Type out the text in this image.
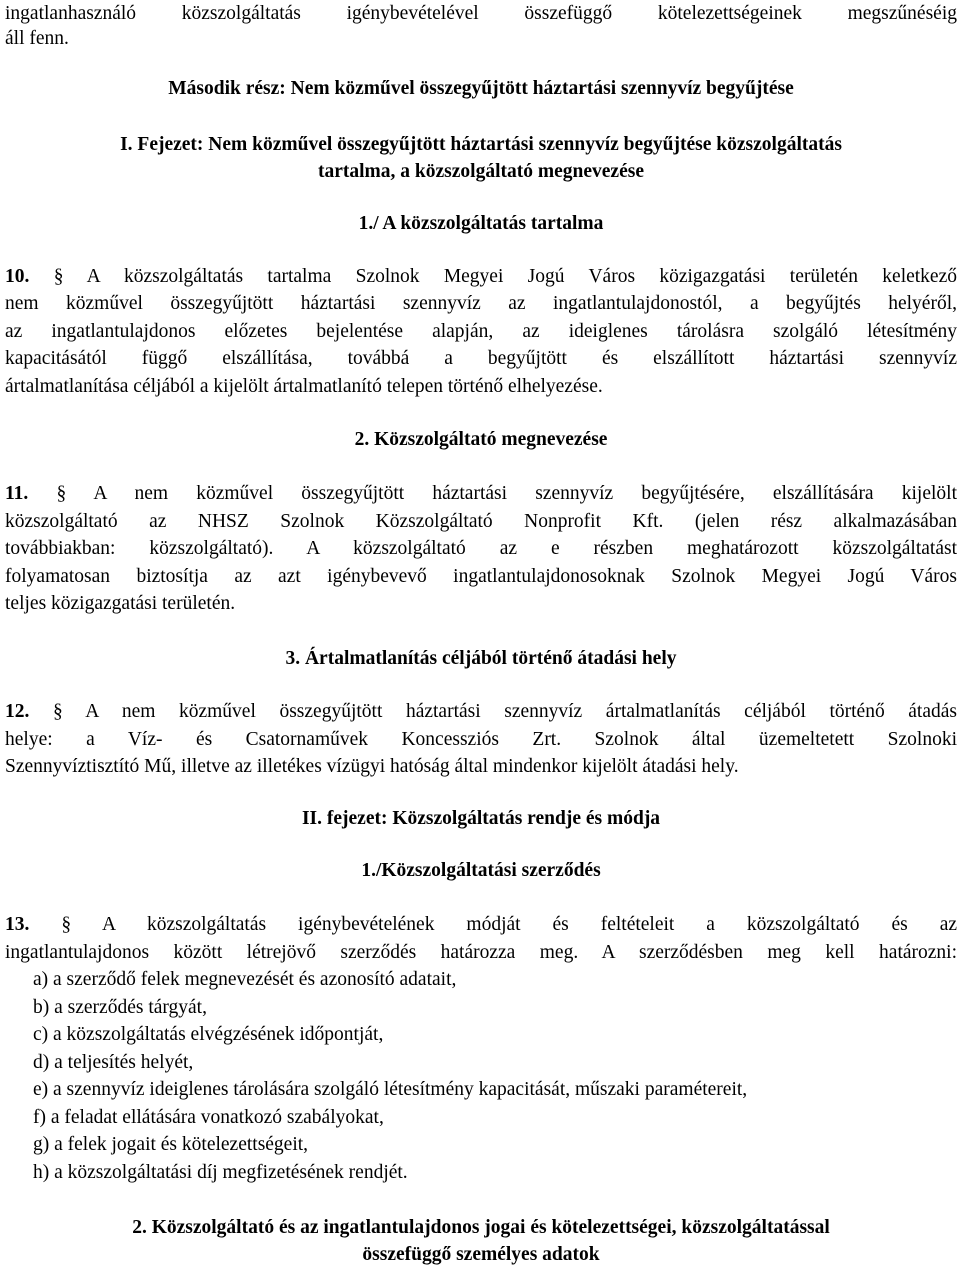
ingatlanhasználó közszolgáltatás igénybevételével összefüggő kötelezettségeinek megszűnéséig
áll fenn.
Második rész: Nem közművel összegyűjtött háztartási szennyvíz begyűjtése
I. Fejezet: Nem közművel összegyűjtött háztartási szennyvíz begyűjtése közszolgáltatás
tartalma, a közszolgáltató megnevezése
1./ A közszolgáltatás tartalma
10. § A közszolgáltatás tartalma Szolnok Megyei Jogú Város közigazgatási területén keletkező
nem közművel összegyűjtött háztartási szennyvíz az ingatlantulajdonostól, a begyűjtés helyéről,
az ingatlantulajdonos előzetes bejelentése alapján, az ideiglenes tárolásra szolgáló létesítmény
kapacitásától függő elszállítása, továbbá a begyűjtött és elszállított háztartási szennyvíz
ártalmatlanítása céljából a kijelölt ártalmatlanító telepen történő elhelyezése.
2. Közszolgáltató megnevezése
11. § A nem közművel összegyűjtött háztartási szennyvíz begyűjtésére, elszállítására kijelölt
közszolgáltató az NHSZ Szolnok Közszolgáltató Nonprofit Kft. (jelen rész alkalmazásában
továbbiakban: közszolgáltató). A közszolgáltató az e részben meghatározott közszolgáltatást
folyamatosan biztosítja az azt igénybevevő ingatlantulajdonosoknak Szolnok Megyei Jogú Város
teljes közigazgatási területén.
3. Ártalmatlanítás céljából történő átadási hely
12. § A nem közművel összegyűjtött háztartási szennyvíz ártalmatlanítás céljából történő átadás
helye: a Víz- és Csatornaművek Koncessziós Zrt. Szolnok által üzemeltetett Szolnoki
Szennyvíztisztító Mű, illetve az illetékes vízügyi hatóság által mindenkor kijelölt átadási hely.
II. fejezet: Közszolgáltatás rendje és módja
1./Közszolgáltatási szerződés
13. § A közszolgáltatás igénybevételének módját és feltételeit a közszolgáltató és az
ingatlantulajdonos között létrejövő szerződés határozza meg. A szerződésben meg kell határozni:
a) a szerződő felek megnevezését és azonosító adatait,
b) a szerződés tárgyát,
c) a közszolgáltatás elvégzésének időpontját,
d) a teljesítés helyét,
e) a szennyvíz ideiglenes tárolására szolgáló létesítmény kapacitását, műszaki paramétereit,
f) a feladat ellátására vonatkozó szabályokat,
g) a felek jogait és kötelezettségeit,
h) a közszolgáltatási díj megfizetésének rendjét.
2. Közszolgáltató és az ingatlantulajdonos jogai és kötelezettségei, közszolgáltatással
összefüggő személyes adatok
